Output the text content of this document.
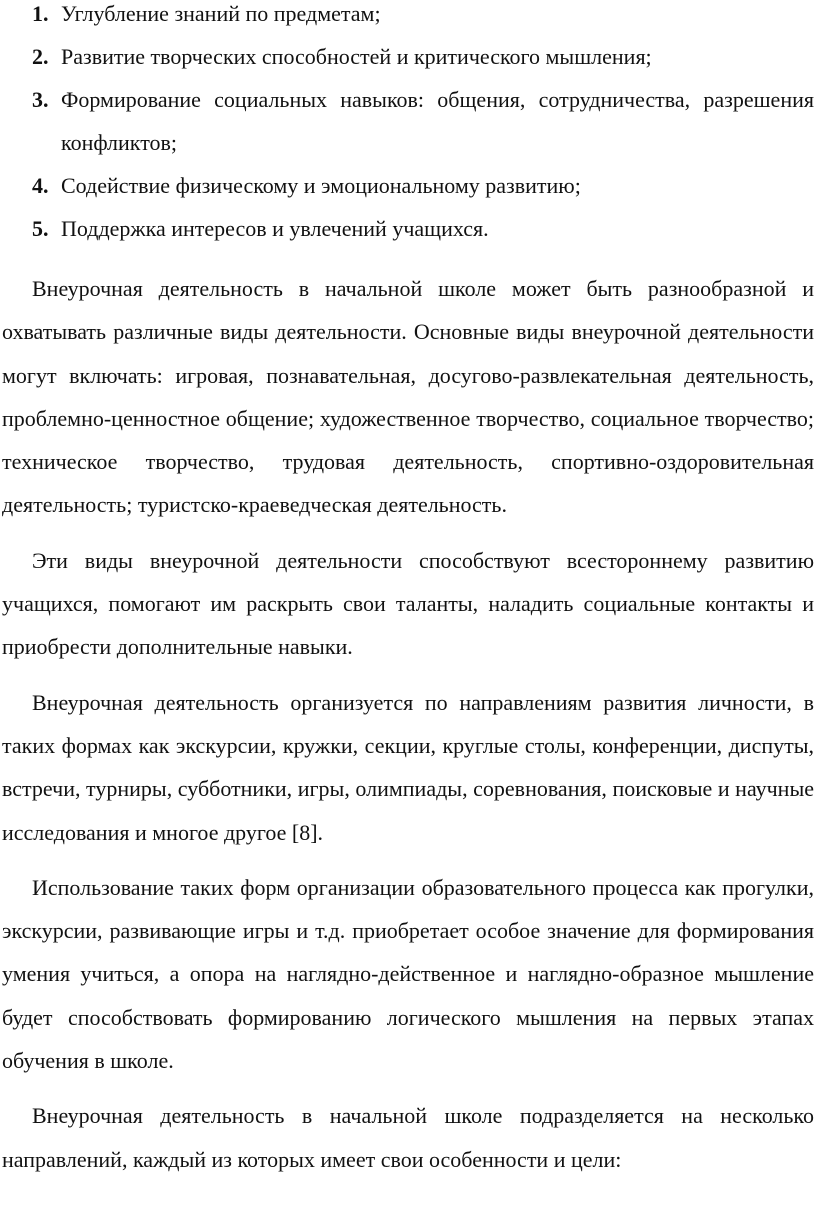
1. Углубление знаний по предметам;
2. Развитие творческих способностей и критического мышления;
3. Формирование социальных навыков: общения, сотрудничества, разрешения конфликтов;
4. Содействие физическому и эмоциональному развитию;
5. Поддержка интересов и увлечений учащихся.

Внеурочная деятельность в начальной школе может быть разнообразной и охватывать различные виды деятельности. Основные виды внеурочной деятельности могут включать: игровая, познавательная, досугово-развлекательная деятельность, проблемно-ценностное общение; художественное творчество, социальное творчество; техническое творчество, трудовая деятельность, спортивно-оздоровительная деятельность; туристско-краеведческая деятельность.

Эти виды внеурочной деятельности способствуют всестороннему развитию учащихся, помогают им раскрыть свои таланты, наладить социальные контакты и приобрести дополнительные навыки.

Внеурочная деятельность организуется по направлениям развития личности, в таких формах как экскурсии, кружки, секции, круглые столы, конференции, диспуты, встречи, турниры, субботники, игры, олимпиады, соревнования, поисковые и научные исследования и многое другое [8].

Использование таких форм организации образовательного процесса как прогулки, экскурсии, развивающие игры и т.д. приобретает особое значение для формирования умения учиться, а опора на наглядно-действенное и наглядно-образное мышление будет способствовать формированию логического мышления на первых этапах обучения в школе.

Внеурочная деятельность в начальной школе подразделяется на несколько направлений, каждый из которых имеет свои особенности и цели:
